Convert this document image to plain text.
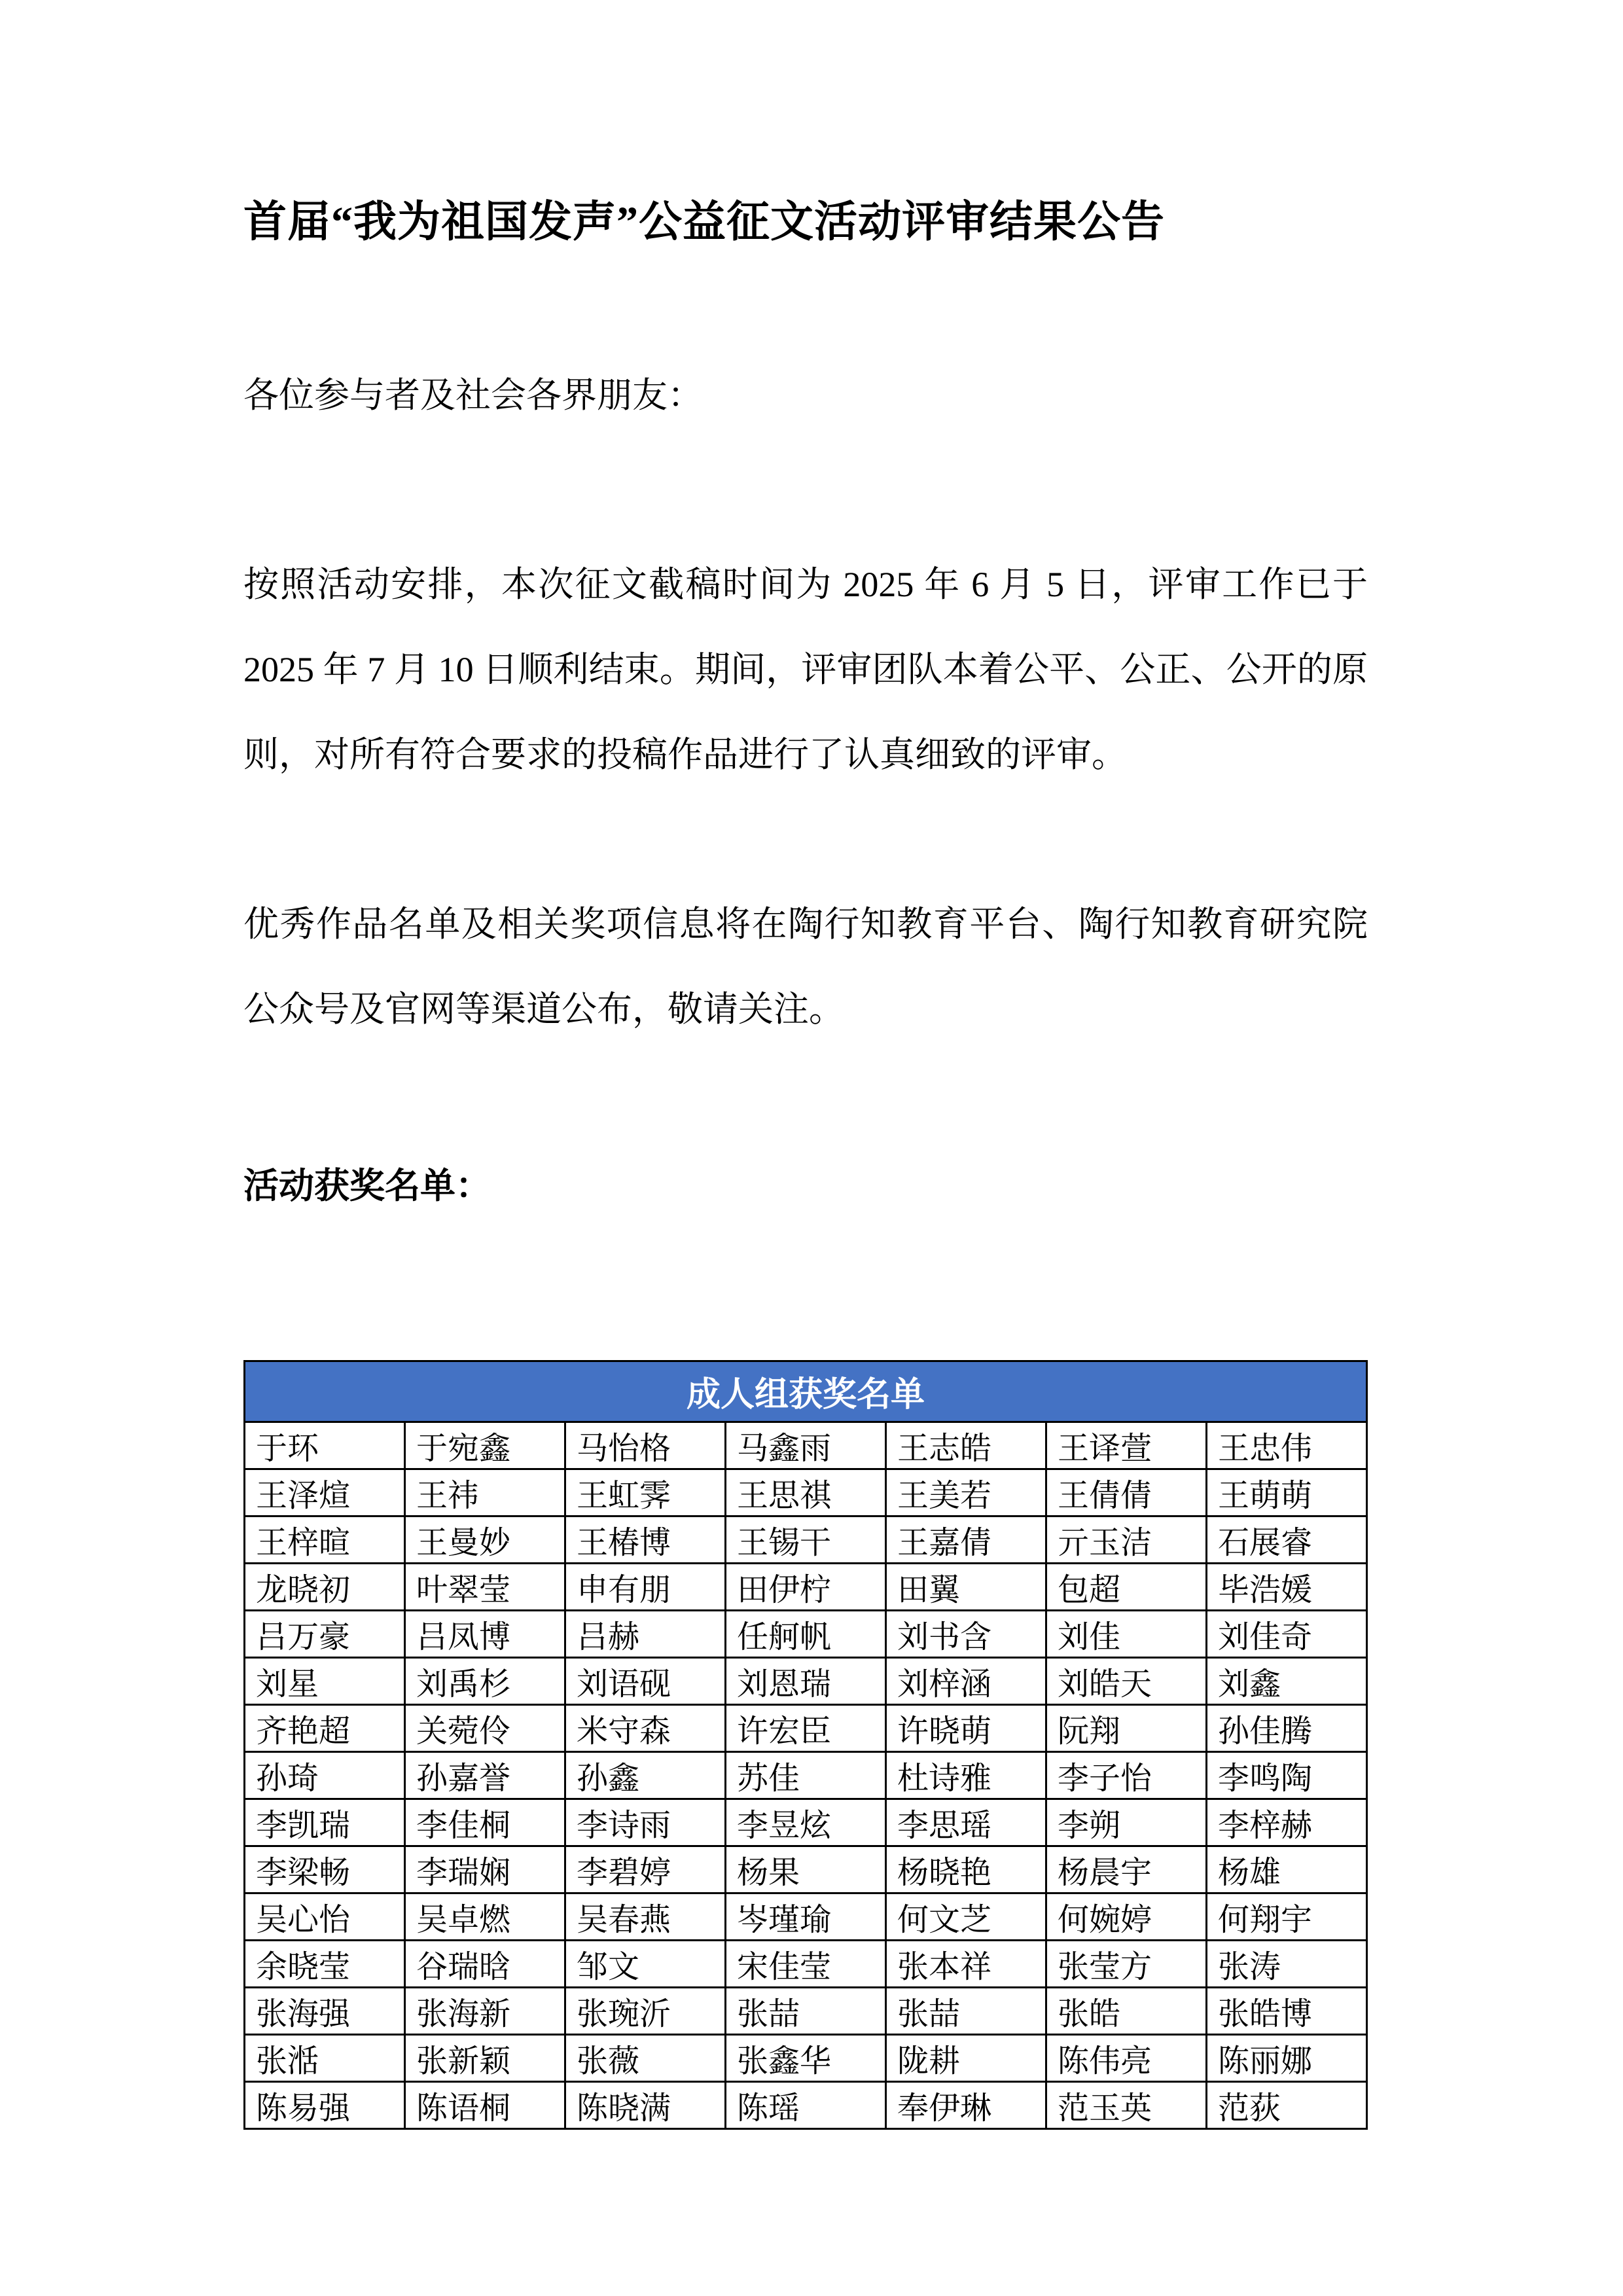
首届“我为祖国发声”公益征文活动评审结果公告

各位参与者及社会各界朋友：

按照活动安排，本次征文截稿时间为 2025 年 6 月 5 日，评审工作已于 2025 年 7 月 10 日顺利结束。期间，评审团队本着公平、公正、公开的原则，对所有符合要求的投稿作品进行了认真细致的评审。

优秀作品名单及相关奖项信息将在陶行知教育平台、陶行知教育研究院公众号及官网等渠道公布，敬请关注。

活动获奖名单：

成人组获奖名单						
于环	于宛鑫	马怡格	马鑫雨	王志皓	王译萱	王忠伟
王泽煊	王祎	王虹霁	王思祺	王美若	王倩倩	王萌萌
王梓暄	王曼妙	王椿博	王锡干	王嘉倩	亓玉洁	石展睿
龙晓初	叶翠莹	申有朋	田伊柠	田翼	包超	毕浩媛
吕万豪	吕凤博	吕赫	任舸帆	刘书含	刘佳	刘佳奇
刘星	刘禹杉	刘语砚	刘恩瑞	刘梓涵	刘皓天	刘鑫
齐艳超	关菀伶	米守森	许宏臣	许晓萌	阮翔	孙佳腾
孙琦	孙嘉誉	孙鑫	苏佳	杜诗雅	李子怡	李鸣陶
李凯瑞	李佳桐	李诗雨	李昱炫	李思瑶	李朔	李梓赫
李梁畅	李瑞娴	李碧婷	杨果	杨晓艳	杨晨宇	杨雄
吴心怡	吴卓燃	吴春燕	岑瑾瑜	何文芝	何婉婷	何翔宇
余晓莹	谷瑞晗	邹文	宋佳莹	张本祥	张莹方	张涛
张海强	张海新	张琬沂	张喆	张喆	张皓	张皓博
张湉	张新颖	张薇	张鑫华	陇耕	陈伟亮	陈丽娜
陈易强	陈语桐	陈晓满	陈瑶	奉伊琳	范玉英	范荻
